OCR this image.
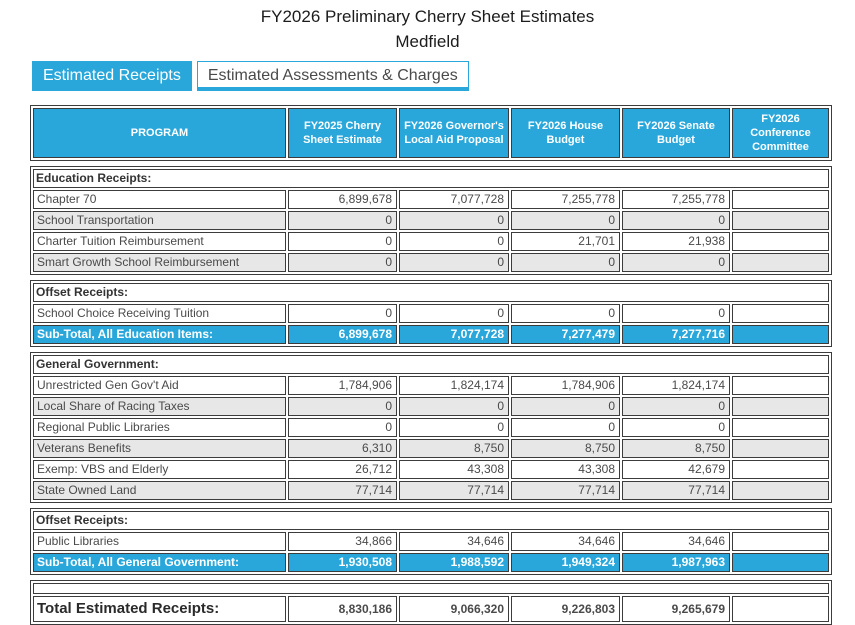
FY2026 Preliminary Cherry Sheet Estimates
Medfield
Estimated Receipts	Estimated Assessments & Charges
PROGRAM	FY2025 Cherry Sheet Estimate	FY2026 Governor's Local Aid Proposal	FY2026 House Budget	FY2026 Senate Budget	FY2026 Conference Committee
Education Receipts:					
Chapter 70	6,899,678	7,077,728	7,255,778	7,255,778	
School Transportation	0	0	0	0	
Charter Tuition Reimbursement	0	0	21,701	21,938	
Smart Growth School Reimbursement	0	0	0	0	
Offset Receipts:					
School Choice Receiving Tuition	0	0	0	0	
Sub-Total, All Education Items:	6,899,678	7,077,728	7,277,479	7,277,716	
General Government:					
Unrestricted Gen Gov't Aid	1,784,906	1,824,174	1,784,906	1,824,174	
Local Share of Racing Taxes	0	0	0	0	
Regional Public Libraries	0	0	0	0	
Veterans Benefits	6,310	8,750	8,750	8,750	
Exemp: VBS and Elderly	26,712	43,308	43,308	42,679	
State Owned Land	77,714	77,714	77,714	77,714	
Offset Receipts:					
Public Libraries	34,866	34,646	34,646	34,646	
Sub-Total, All General Government:	1,930,508	1,988,592	1,949,324	1,987,963	

Total Estimated Receipts:	8,830,186	9,066,320	9,226,803	9,265,679	
